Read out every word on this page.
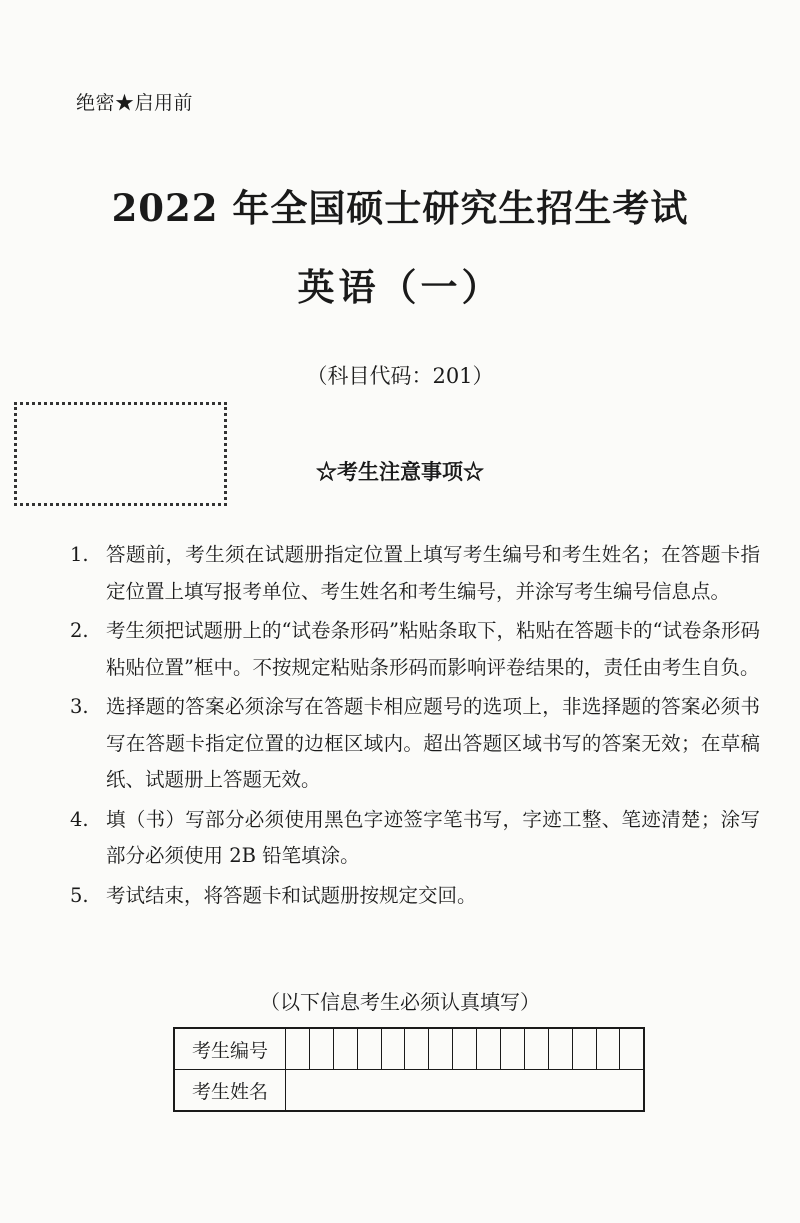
绝密★启用前
2022 年全国硕士研究生招生考试
英语（一）
（科目代码：201）
☆考生注意事项☆
1. 答题前，考生须在试题册指定位置上填写考生编号和考生姓名；在答题卡指定位置上填写报考单位、考生姓名和考生编号，并涂写考生编号信息点。
2. 考生须把试题册上的“试卷条形码”粘贴条取下，粘贴在答题卡的“试卷条形码粘贴位置”框中。不按规定粘贴条形码而影响评卷结果的，责任由考生自负。
3. 选择题的答案必须涂写在答题卡相应题号的选项上，非选择题的答案必须书写在答题卡指定位置的边框区域内。超出答题区域书写的答案无效；在草稿纸、试题册上答题无效。
4. 填（书）写部分必须使用黑色字迹签字笔书写，字迹工整、笔迹清楚；涂写部分必须使用 2B 铅笔填涂。
5. 考试结束，将答题卡和试题册按规定交回。
（以下信息考生必须认真填写）
考生编号															
考生姓名															
